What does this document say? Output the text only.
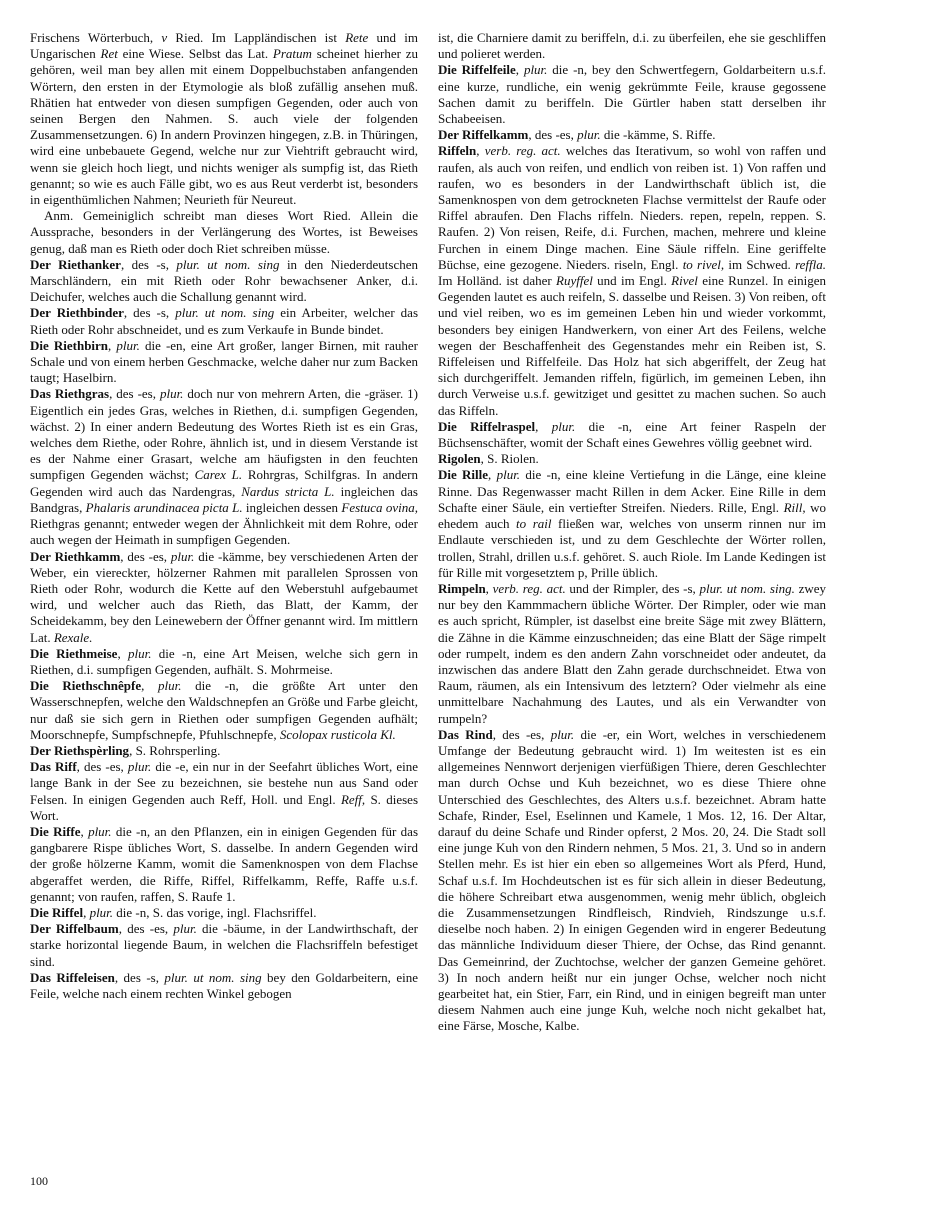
Frischens Wörterbuch, v Ried. Im Lappländischen ist Rete und im Ungarischen Ret eine Wiese. Selbst das Lat. Pratum scheinet hierher zu gehören, weil man bey allen mit einem Doppelbuchstaben anfangenden Wörtern, den ersten in der Etymologie als bloß zufällig ansehen muß. Rhätien hat entweder von diesen sumpfigen Gegenden, oder auch von seinen Bergen den Nahmen. S. auch viele der folgenden Zusammensetzungen. 6) In andern Provinzen hingegen, z.B. in Thüringen, wird eine unbebauete Gegend, welche nur zur Viehtrift gebraucht wird, wenn sie gleich hoch liegt, und nichts weniger als sumpfig ist, das Rieth genannt; so wie es auch Fälle gibt, wo es aus Reut verderbt ist, besonders in eigenthümlichen Nahmen; Neurieth für Neureut.

Anm. Gemeiniglich schreibt man dieses Wort Ried. Allein die Aussprache, besonders in der Verlängerung des Wortes, ist Beweises genug, daß man es Rieth oder doch Riet schreiben müsse.

Der Riethanker, des -s, plur. ut nom. sing in den Niederdeutschen Marschländern, ein mit Rieth oder Rohr bewachsener Anker, d.i. Deichufer, welches auch die Schallung genannt wird.

Der Riethbinder, des -s, plur. ut nom. sing ein Arbeiter, welcher das Rieth oder Rohr abschneidet, und es zum Verkaufe in Bunde bindet.

Die Riethbirn, plur. die -en, eine Art großer, langer Birnen, mit rauher Schale und von einem herben Geschmacke, welche daher nur zum Backen taugt; Haselbirn.

Das Riethgras, des -es, plur. doch nur von mehrern Arten, die -gräser. 1) Eigentlich ein jedes Gras, welches in Riethen, d.i. sumpfigen Gegenden, wächst. 2) In einer andern Bedeutung des Wortes Rieth ist es ein Gras, welches dem Riethe, oder Rohre, ähnlich ist, und in diesem Verstande ist es der Nahme einer Grasart, welche am häufigsten in den feuchten sumpfigen Gegenden wächst; Carex L. Rohrgras, Schilfgras. In andern Gegenden wird auch das Nardengras, Nardus stricta L. ingleichen das Bandgras, Phalaris arundinacea picta L. ingleichen dessen Festuca ovina, Riethgras genannt; entweder wegen der Ähnlichkeit mit dem Rohre, oder auch wegen der Heimath in sumpfigen Gegenden.

Der Riethkamm, des -es, plur. die -kämme, bey verschiedenen Arten der Weber, ein viereckter, hölzerner Rahmen mit parallelen Sprossen von Rieth oder Rohr, wodurch die Kette auf den Weberstuhl aufgebaumet wird, und welcher auch das Rieth, das Blatt, der Kamm, der Scheidekamm, bey den Leinewebern der Öffner genannt wird. Im mittlern Lat. Rexale.

Die Riethmeise, plur. die -n, eine Art Meisen, welche sich gern in Riethen, d.i. sumpfigen Gegenden, aufhält. S. Mohrmeise.

Die Riethschnêpfe, plur. die -n, die größte Art unter den Wasserschnepfen, welche den Waldschnepfen an Größe und Farbe gleicht, nur daß sie sich gern in Riethen oder sumpfigen Gegenden aufhält; Moorschnepfe, Sumpfschnepfe, Pfuhlschnepfe, Scolopax rusticola Kl.

Der Riethspèrling, S. Rohrsperling.

Das Riff, des -es, plur. die -e, ein nur in der Seefahrt übliches Wort, eine lange Bank in der See zu bezeichnen, sie bestehe nun aus Sand oder Felsen. In einigen Gegenden auch Reff, Holl. und Engl. Reff, S. dieses Wort.

Die Riffe, plur. die -n, an den Pflanzen, ein in einigen Gegenden für das gangbarere Rispe übliches Wort, S. dasselbe. In andern Gegenden wird der große hölzerne Kamm, womit die Samenknospen von dem Flachse abgeraffet werden, die Riffe, Riffel, Riffelkamm, Reffe, Raffe u.s.f. genannt; von raufen, raffen, S. Raufe 1.

Die Riffel, plur. die -n, S. das vorige, ingl. Flachsriffel.

Der Riffelbaum, des -es, plur. die -bäume, in der Landwirthschaft, der starke horizontal liegende Baum, in welchen die Flachsriffeln befestiget sind.

Das Riffeleisen, des -s, plur. ut nom. sing bey den Goldarbeitern, eine Feile, welche nach einem rechten Winkel gebogen

ist, die Charniere damit zu beriffeln, d.i. zu überfeilen, ehe sie geschliffen und polieret werden.

Die Riffelfeile, plur. die -n, bey den Schwertfegern, Goldarbeitern u.s.f. eine kurze, rundliche, ein wenig gekrümmte Feile, krause gegossene Sachen damit zu beriffeln. Die Gürtler haben statt derselben ihr Schabeeisen.

Der Riffelkamm, des -es, plur. die -kämme, S. Riffe.

Riffeln, verb. reg. act. welches das Iterativum, so wohl von raffen und raufen, als auch von reifen, und endlich von reiben ist. 1) Von raffen und raufen, wo es besonders in der Landwirthschaft üblich ist, die Samenknospen von dem getrockneten Flachse vermittelst der Raufe oder Riffel abraufen. Den Flachs riffeln. Nieders. repen, repeln, reppen. S. Raufen. 2) Von reisen, Reife, d.i. Furchen, machen, mehrere und kleine Furchen in einem Dinge machen. Eine Säule riffeln. Eine geriffelte Büchse, eine gezogene. Nieders. riseln, Engl. to rivel, im Schwed. reffla. Im Holländ. ist daher Ruyffel und im Engl. Rivel eine Runzel. In einigen Gegenden lautet es auch reifeln, S. dasselbe und Reisen. 3) Von reiben, oft und viel reiben, wo es im gemeinen Leben hin und wieder vorkommt, besonders bey einigen Handwerkern, von einer Art des Feilens, welche wegen der Beschaffenheit des Gegenstandes mehr ein Reiben ist, S. Riffeleisen und Riffelfeile. Das Holz hat sich abgeriffelt, der Zeug hat sich durchgeriffelt. Jemanden riffeln, figürlich, im gemeinen Leben, ihn durch Verweise u.s.f. gewitziget und gesittet zu machen suchen. So auch das Riffeln.

Die Riffelraspel, plur. die -n, eine Art feiner Raspeln der Büchsenschäfter, womit der Schaft eines Gewehres völlig geebnet wird.

Rigolen, S. Riolen.

Die Rille, plur. die -n, eine kleine Vertiefung in die Länge, eine kleine Rinne. Das Regenwasser macht Rillen in dem Acker. Eine Rille in dem Schafte einer Säule, ein vertiefter Streifen. Nieders. Rille, Engl. Rill, wo ehedem auch to rail fließen war, welches von unserm rinnen nur im Endlaute verschieden ist, und zu dem Geschlechte der Wörter rollen, trollen, Strahl, drillen u.s.f. gehöret. S. auch Riole. Im Lande Kedingen ist für Rille mit vorgesetztem p, Prille üblich.

Rimpeln, verb. reg. act. und der Rimpler, des -s, plur. ut nom. sing. zwey nur bey den Kammmachern übliche Wörter. Der Rimpler, oder wie man es auch spricht, Rümpler, ist daselbst eine breite Säge mit zwey Blättern, die Zähne in die Kämme einzuschneiden; das eine Blatt der Säge rimpelt oder rumpelt, indem es den andern Zahn vorschneidet oder andeutet, da inzwischen das andere Blatt den Zahn gerade durchschneidet. Etwa von Raum, räumen, als ein Intensivum des letztern? Oder vielmehr als eine unmittelbare Nachahmung des Lautes, und als ein Verwandter von rumpeln?

Das Rind, des -es, plur. die -er, ein Wort, welches in verschiedenem Umfange der Bedeutung gebraucht wird. 1) Im weitesten ist es ein allgemeines Nennwort derjenigen vierfüßigen Thiere, deren Geschlechter man durch Ochse und Kuh bezeichnet, wo es diese Thiere ohne Unterschied des Geschlechtes, des Alters u.s.f. bezeichnet. Abram hatte Schafe, Rinder, Esel, Eselinnen und Kamele, 1 Mos. 12, 16. Der Altar, darauf du deine Schafe und Rinder opferst, 2 Mos. 20, 24. Die Stadt soll eine junge Kuh von den Rindern nehmen, 5 Mos. 21, 3. Und so in andern Stellen mehr. Es ist hier ein eben so allgemeines Wort als Pferd, Hund, Schaf u.s.f. Im Hochdeutschen ist es für sich allein in dieser Bedeutung, die höhere Schreibart etwa ausgenommen, wenig mehr üblich, obgleich die Zusammensetzungen Rindfleisch, Rindvieh, Rindszunge u.s.f. dieselbe noch haben. 2) In einigen Gegenden wird in engerer Bedeutung das männliche Individuum dieser Thiere, der Ochse, das Rind genannt. Das Gemeinrind, der Zuchtochse, welcher der ganzen Gemeine gehöret. 3) In noch andern heißt nur ein junger Ochse, welcher noch nicht gearbeitet hat, ein Stier, Farr, ein Rind, und in einigen begreift man unter diesem Nahmen auch eine junge Kuh, welche noch nicht gekalbet hat, eine Färse, Mosche, Kalbe.

100
